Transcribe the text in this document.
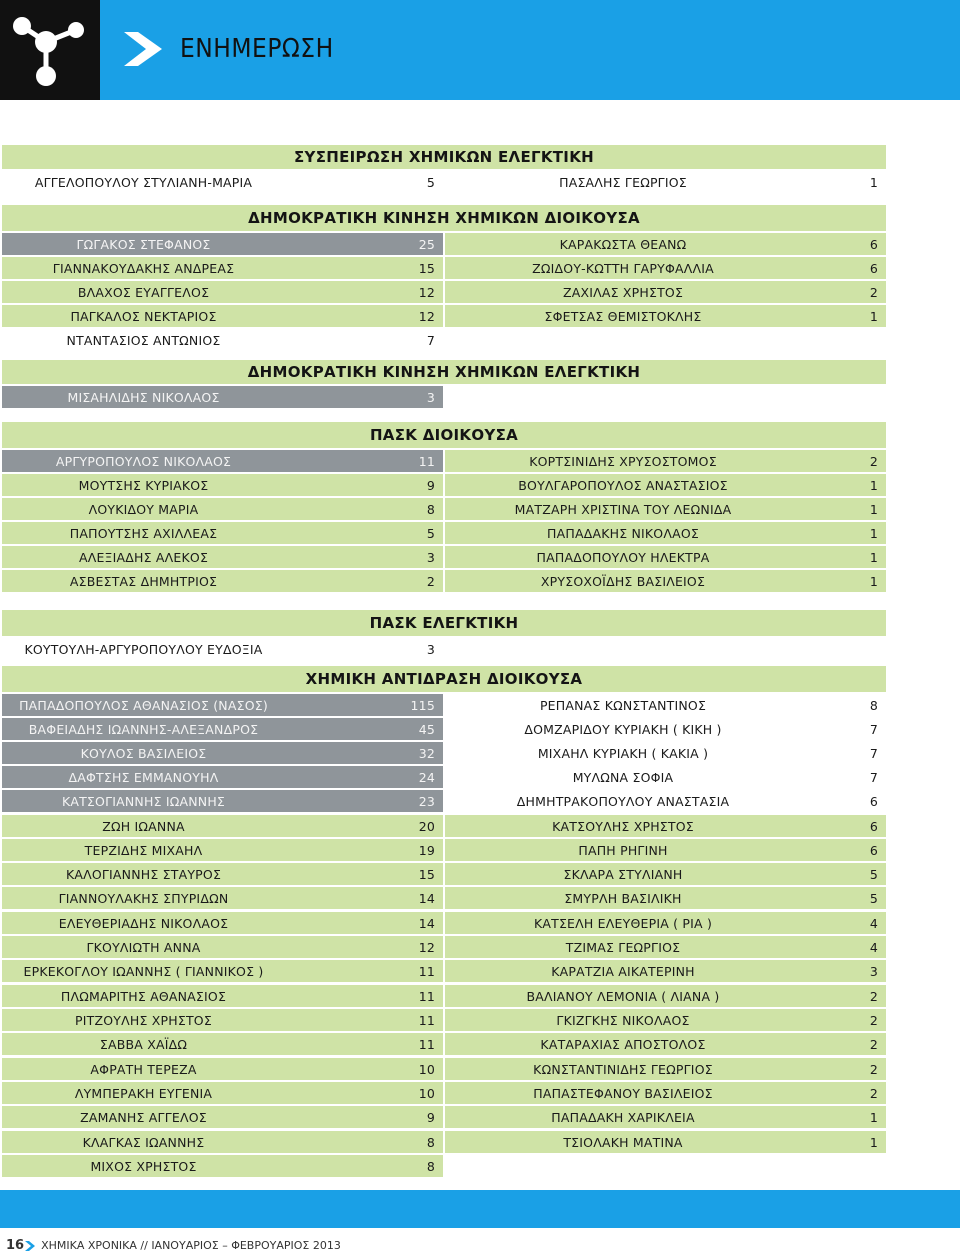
ΕΝΗΜΕΡΩΣΗ
ΣΥΣΠΕΙΡΩΣΗ ΧΗΜΙΚΩΝ ΕΛΕΓΚΤΙΚΗ
ΑΓΓΕΛΟΠΟΥΛΟΥ ΣΤΥΛΙΑΝΗ-ΜΑΡΙΑ	5	ΠΑΣΑΛΗΣ ΓΕΩΡΓΙΟΣ	1
ΔΗΜΟΚΡΑΤΙΚΗ ΚΙΝΗΣΗ ΧΗΜΙΚΩΝ ΔΙΟΙΚΟΥΣΑ
ΓΩΓΑΚΟΣ ΣΤΕΦΑΝΟΣ	25	ΚΑΡΑΚΩΣΤΑ ΘΕΑΝΩ	6
ΓΙΑΝΝΑΚΟΥΔΑΚΗΣ ΑΝΔΡΕΑΣ	15	ΖΩΙΔΟΥ-ΚΩΤΤΗ ΓΑΡΥΦΑΛΛΙΑ	6
ΒΛΑΧΟΣ ΕΥΑΓΓΕΛΟΣ	12	ΖΑΧΙΛΑΣ ΧΡΗΣΤΟΣ	2
ΠΑΓΚΑΛΟΣ ΝΕΚΤΑΡΙΟΣ	12	ΣΦΕΤΣΑΣ ΘΕΜΙΣΤΟΚΛΗΣ	1
ΝΤΑΝΤΑΣΙΟΣ ΑΝΤΩΝΙΟΣ	7
ΔΗΜΟΚΡΑΤΙΚΗ ΚΙΝΗΣΗ ΧΗΜΙΚΩΝ ΕΛΕΓΚΤΙΚΗ
ΜΙΣΑΗΛΙΔΗΣ ΝΙΚΟΛΑΟΣ	3
ΠΑΣΚ ΔΙΟΙΚΟΥΣΑ
ΑΡΓΥΡΟΠΟΥΛΟΣ ΝΙΚΟΛΑΟΣ	11	ΚΟΡΤΣΙΝΙΔΗΣ ΧΡΥΣΟΣΤΟΜΟΣ	2
ΜΟΥΤΣΗΣ ΚΥΡΙΑΚΟΣ	9	ΒΟΥΛΓΑΡΟΠΟΥΛΟΣ ΑΝΑΣΤΑΣΙΟΣ	1
ΛΟΥΚΙΔΟΥ ΜΑΡΙΑ	8	ΜΑΤΖΑΡΗ ΧΡΙΣΤΙΝΑ ΤΟΥ ΛΕΩΝΙΔΑ	1
ΠΑΠΟΥΤΣΗΣ ΑΧΙΛΛΕΑΣ	5	ΠΑΠΑΔΑΚΗΣ ΝΙΚΟΛΑΟΣ	1
ΑΛΕΞΙΑΔΗΣ ΑΛΕΚΟΣ	3	ΠΑΠΑΔΟΠΟΥΛΟΥ ΗΛΕΚΤΡΑ	1
ΑΣΒΕΣΤΑΣ ΔΗΜΗΤΡΙΟΣ	2	ΧΡΥΣΟΧΟΪΔΗΣ ΒΑΣΙΛΕΙΟΣ	1
ΠΑΣΚ ΕΛΕΓΚΤΙΚΗ
ΚΟΥΤΟΥΛΗ-ΑΡΓΥΡΟΠΟΥΛΟΥ ΕΥΔΟΞΙΑ	3
ΧΗΜΙΚΗ ΑΝΤΙΔΡΑΣΗ ΔΙΟΙΚΟΥΣΑ
ΠΑΠΑΔΟΠΟΥΛΟΣ ΑΘΑΝΑΣΙΟΣ (ΝΑΣΟΣ)	115	ΡΕΠΑΝΑΣ ΚΩΝΣΤΑΝΤΙΝΟΣ	8
ΒΑΦΕΙΑΔΗΣ ΙΩΑΝΝΗΣ-ΑΛΕΞΑΝΔΡΟΣ	45	ΔΟΜΖΑΡΙΔΟΥ ΚΥΡΙΑΚΗ ( ΚΙΚΗ )	7
ΚΟΥΛΟΣ ΒΑΣΙΛΕΙΟΣ	32	ΜΙΧΑΗΛ ΚΥΡΙΑΚΗ ( ΚΑΚΙΑ )	7
ΔΑΦΤΣΗΣ ΕΜΜΑΝΟΥΗΛ	24	ΜΥΛΩΝΑ ΣΟΦΙΑ	7
ΚΑΤΣΟΓΙΑΝΝΗΣ ΙΩΑΝΝΗΣ	23	ΔΗΜΗΤΡΑΚΟΠΟΥΛΟΥ ΑΝΑΣΤΑΣΙΑ	6
ΖΩΗ ΙΩΑΝΝΑ	20	ΚΑΤΣΟΥΛΗΣ ΧΡΗΣΤΟΣ	6
ΤΕΡΖΙΔΗΣ ΜΙΧΑΗΛ	19	ΠΑΠΗ ΡΗΓΙΝΗ	6
ΚΑΛΟΓΙΑΝΝΗΣ ΣΤΑΥΡΟΣ	15	ΣΚΛΑΡΑ ΣΤΥΛΙΑΝΗ	5
ΓΙΑΝΝΟΥΛΑΚΗΣ ΣΠΥΡΙΔΩΝ	14	ΣΜΥΡΛΗ ΒΑΣΙΛΙΚΗ	5
ΕΛΕΥΘΕΡΙΑΔΗΣ ΝΙΚΟΛΑΟΣ	14	ΚΑΤΣΕΛΗ ΕΛΕΥΘΕΡΙΑ ( ΡΙΑ )	4
ΓΚΟΥΛΙΩΤΗ ΑΝΝΑ	12	ΤΖΙΜΑΣ ΓΕΩΡΓΙΟΣ	4
ΕΡΚΕΚΟΓΛΟΥ ΙΩΑΝΝΗΣ ( ΓΙΑΝΝΙΚΟΣ )	11	ΚΑΡΑΤΖΙΑ ΑΙΚΑΤΕΡΙΝΗ	3
ΠΛΩΜΑΡΙΤΗΣ ΑΘΑΝΑΣΙΟΣ	11	ΒΑΛΙΑΝΟΥ ΛΕΜΟΝΙΑ ( ΛΙΑΝΑ )	2
ΡΙΤΖΟΥΛΗΣ ΧΡΗΣΤΟΣ	11	ΓΚΙΖΓΚΗΣ ΝΙΚΟΛΑΟΣ	2
ΣΑΒΒΑ ΧΑΪΔΩ	11	ΚΑΤΑΡΑΧΙΑΣ ΑΠΟΣΤΟΛΟΣ	2
ΑΦΡΑΤΗ ΤΕΡΕΖΑ	10	ΚΩΝΣΤΑΝΤΙΝΙΔΗΣ ΓΕΩΡΓΙΟΣ	2
ΛΥΜΠΕΡΑΚΗ ΕΥΓΕΝΙΑ	10	ΠΑΠΑΣΤΕΦΑΝΟΥ ΒΑΣΙΛΕΙΟΣ	2
ΖΑΜΑΝΗΣ ΑΓΓΕΛΟΣ	9	ΠΑΠΑΔΑΚΗ ΧΑΡΙΚΛΕΙΑ	1
ΚΛΑΓΚΑΣ ΙΩΑΝΝΗΣ	8	ΤΣΙΟΛΑΚΗ ΜΑΤΙΝΑ	1
ΜΙΧΟΣ ΧΡΗΣΤΟΣ	8
16 ΧΗΜΙΚΑ ΧΡΟΝΙΚΑ // ΙΑΝΟΥΑΡΙΟΣ – ΦΕΒΡΟΥΑΡΙΟΣ 2013
